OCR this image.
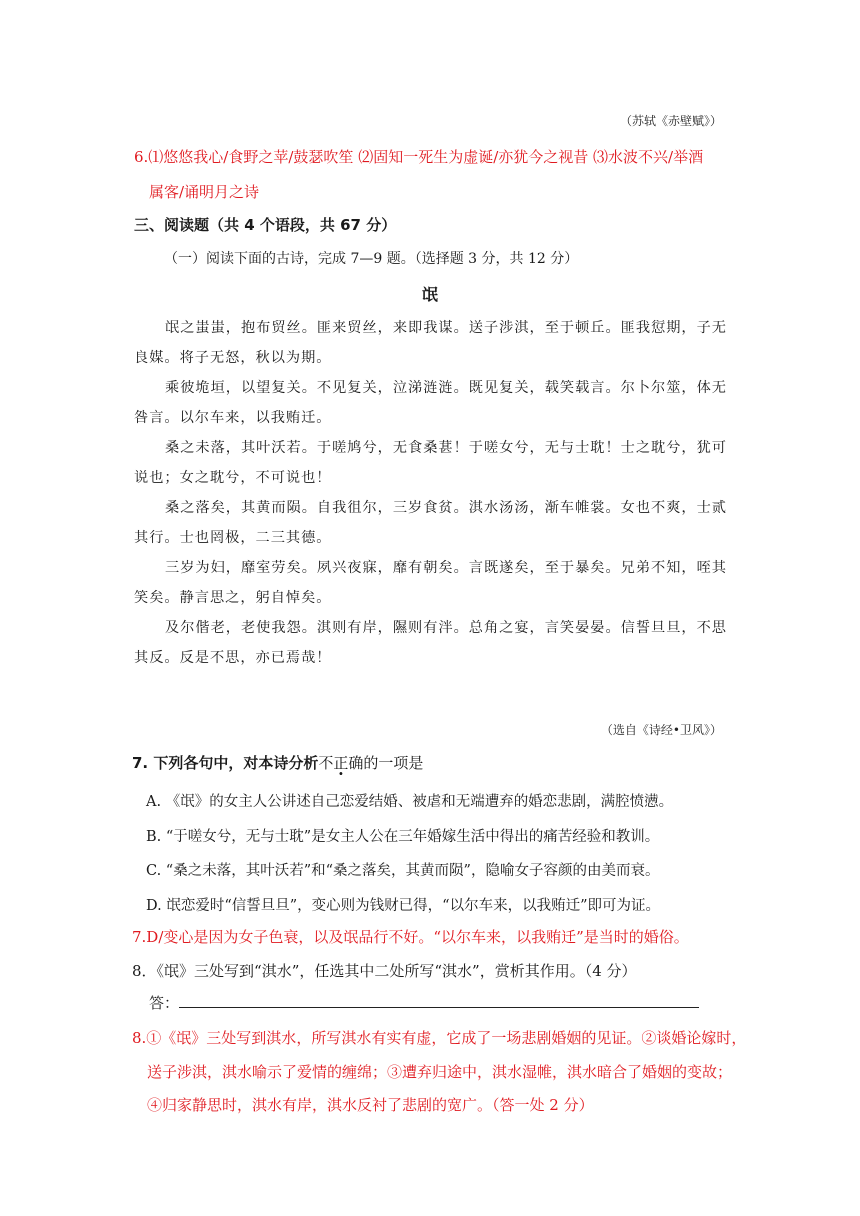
（苏轼《赤壁赋》）
6.⑴悠悠我心/食野之苹/鼓瑟吹笙 ⑵固知一死生为虚诞/亦犹今之视昔 ⑶水波不兴/举酒
属客/诵明月之诗
三、阅读题（共 4 个语段，共 67 分）
（一）阅读下面的古诗，完成 7—9 题。（选择题 3 分，共 12 分）
氓

氓之蚩蚩，抱布贸丝。匪来贸丝，来即我谋。送子涉淇，至于顿丘。匪我愆期，子无良媒。将子无怒，秋以为期。

乘彼垝垣，以望复关。不见复关，泣涕涟涟。既见复关，载笑载言。尔卜尔筮，体无咎言。以尔车来，以我贿迁。

桑之未落，其叶沃若。于嗟鸠兮，无食桑葚！于嗟女兮，无与士耽！士之耽兮，犹可说也；女之耽兮，不可说也！

桑之落矣，其黄而陨。自我徂尔，三岁食贫。淇水汤汤，渐车帷裳。女也不爽，士贰其行。士也罔极，二三其德。

三岁为妇，靡室劳矣。夙兴夜寐，靡有朝矣。言既遂矣，至于暴矣。兄弟不知，咥其笑矣。静言思之，躬自悼矣。

及尔偕老，老使我怨。淇则有岸，隰则有泮。总角之宴，言笑晏晏。信誓旦旦，不思其反。反是不思，亦已焉哉！

（选自《诗经•卫风》）
7. 下列各句中，对本诗分析不正确的一项是
A. 《氓》的女主人公讲述自己恋爱结婚、被虐和无端遭弃的婚恋悲剧，满腔愤懑。
B. “于嗟女兮，无与士耽”是女主人公在三年婚嫁生活中得出的痛苦经验和教训。
C. “桑之未落，其叶沃若”和“桑之落矣，其黄而陨”，隐喻女子容颜的由美而衰。
D. 氓恋爱时“信誓旦旦”，变心则为钱财已得，“以尔车来，以我贿迁”即可为证。
7.D/变心是因为女子色衰，以及氓品行不好。“以尔车来，以我贿迁”是当时的婚俗。
8．《氓》三处写到“淇水”，任选其中二处所写“淇水”，赏析其作用。（4 分）
答：
8.①《氓》三处写到淇水，所写淇水有实有虚，它成了一场悲剧婚姻的见证。②谈婚论嫁时，
送子涉淇，淇水喻示了爱情的缠绵；③遭弃归途中，淇水湿帷，淇水暗合了婚姻的变故；
④归家静思时，淇水有岸，淇水反衬了悲剧的宽广。（答一处 2 分）
